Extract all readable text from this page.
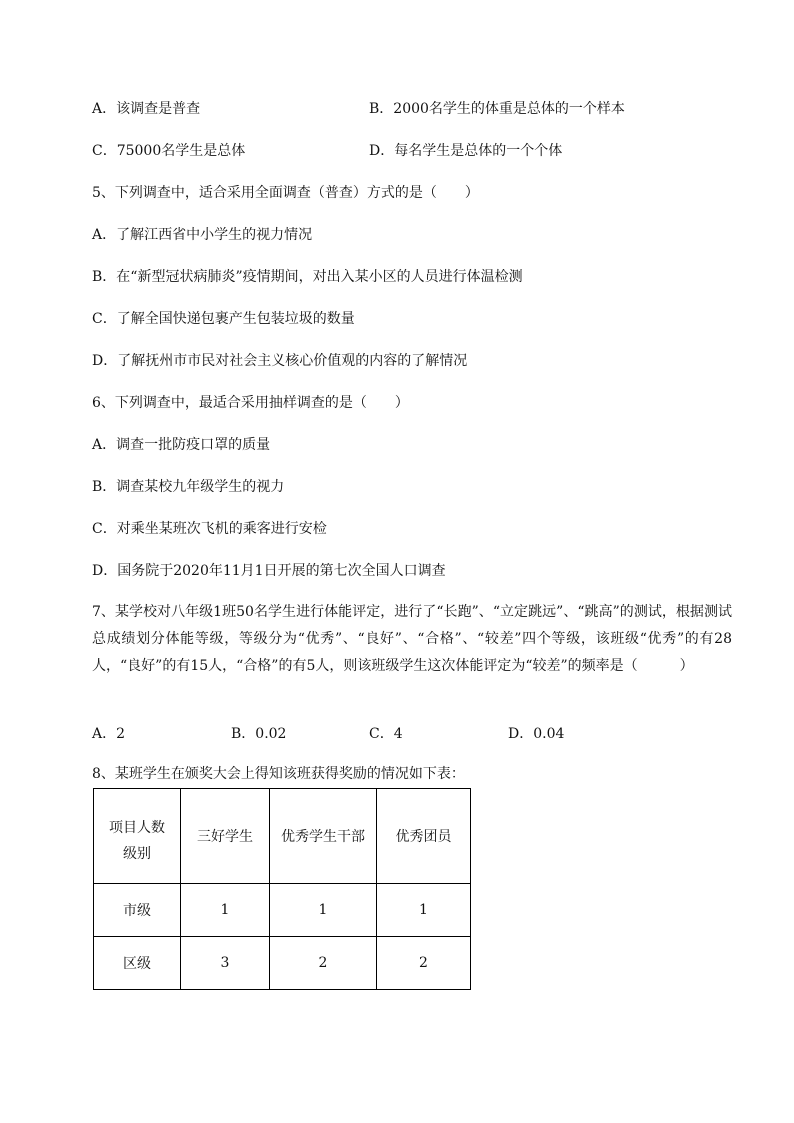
A．该调查是普查	B．2000名学生的体重是总体的一个样本
C．75000名学生是总体	D．每名学生是总体的一个个体
5、下列调查中，适合采用全面调查（普查）方式的是（　　）
A．了解江西省中小学生的视力情况
B．在“新型冠状病肺炎”疫情期间，对出入某小区的人员进行体温检测
C．了解全国快递包裹产生包装垃圾的数量
D．了解抚州市市民对社会主义核心价值观的内容的了解情况
6、下列调查中，最适合采用抽样调查的是（　　）
A．调查一批防疫口罩的质量
B．调查某校九年级学生的视力
C．对乘坐某班次飞机的乘客进行安检
D．国务院于2020年11月1日开展的第七次全国人口调查
7、某学校对八年级1班50名学生进行体能评定，进行了“长跑”、“立定跳远”、“跳高”的测试，根据测试总成绩划分体能等级，等级分为“优秀”、“良好”、“合格”、“较差”四个等级，该班级“优秀”的有28人，“良好”的有15人，“合格”的有5人，则该班级学生这次体能评定为“较差”的频率是（　　　）
A．2	B．0.02	C．4	D．0.04
8、某班学生在颁奖大会上得知该班获得奖励的情况如下表：
项目人数
级别	三好学生	优秀学生干部	优秀团员
市级	1	1	1
区级	3	2	2
